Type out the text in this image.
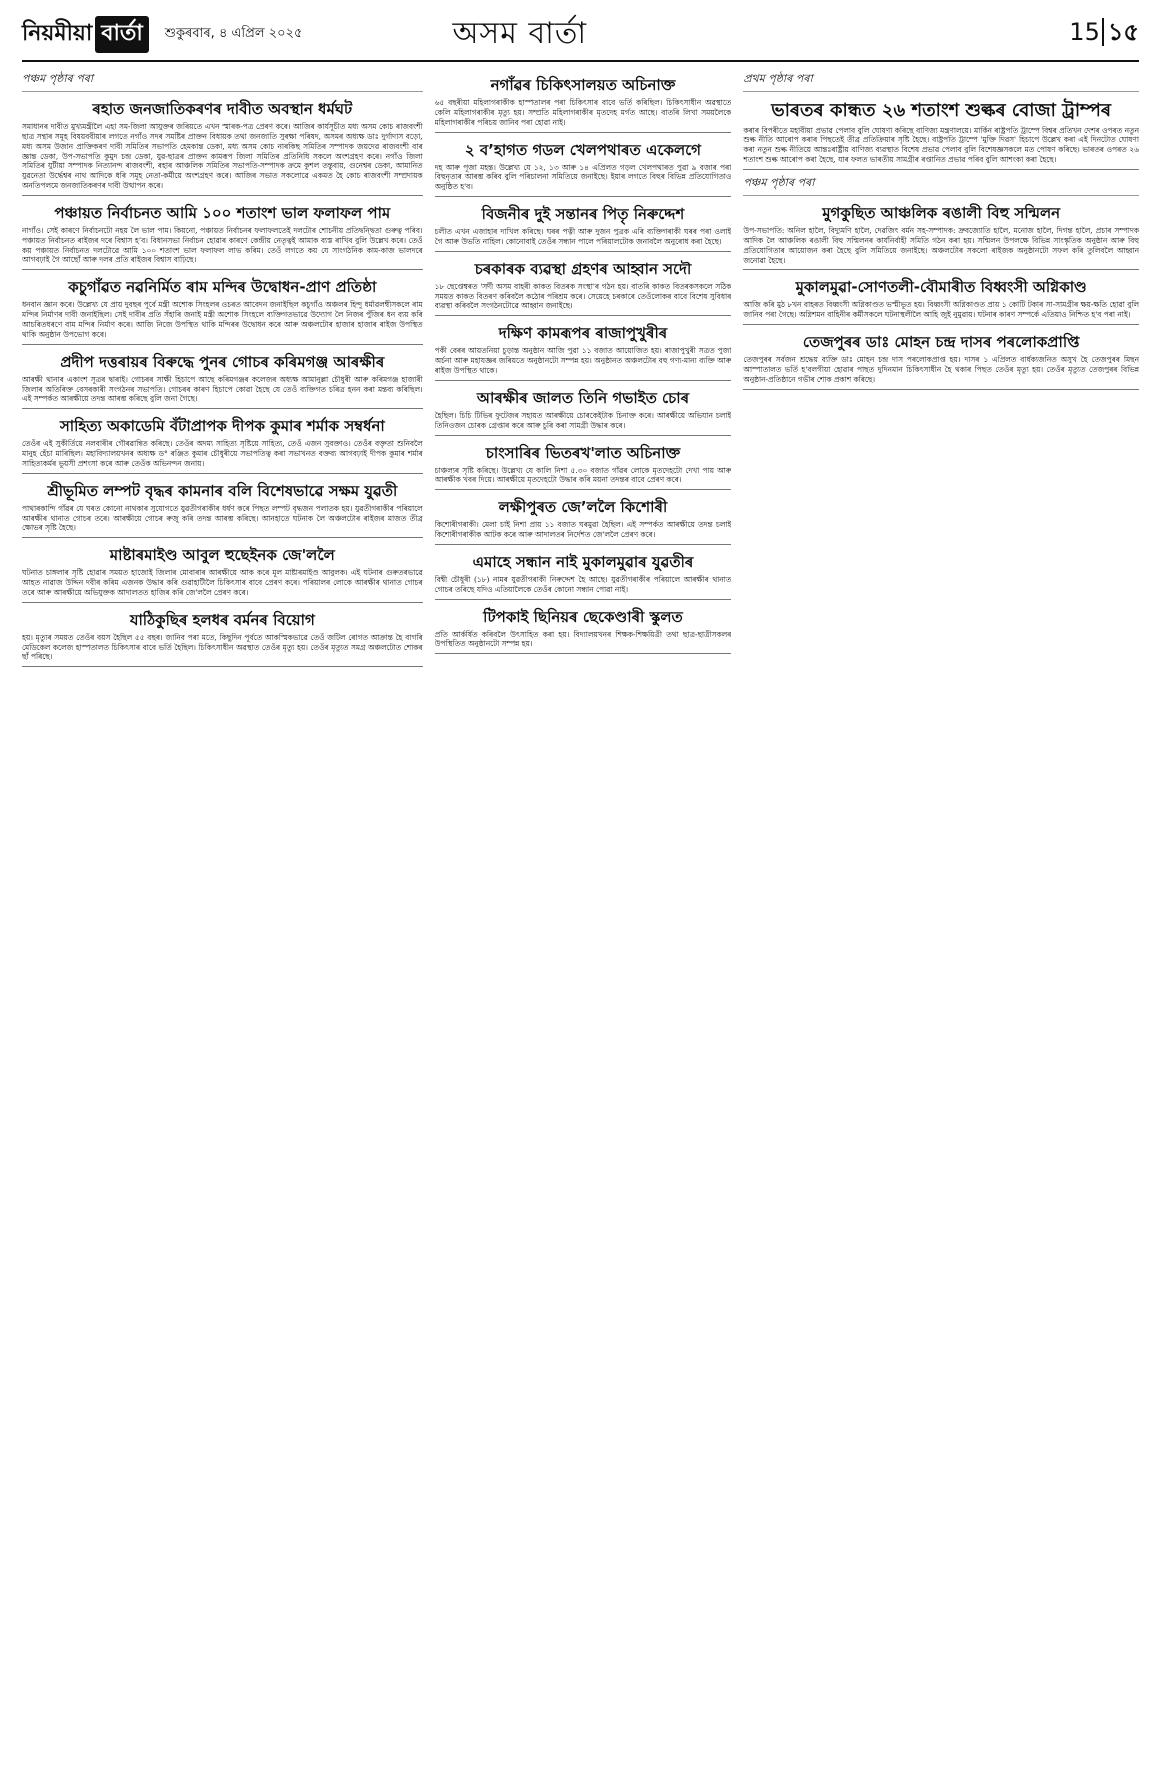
নিয়মীয়া বাৰ্তা	শুকুৰবাৰ, ৪ এপ্ৰিল ২০২৫	অসম বাৰ্তা	15 ১৫
পঞ্চম পৃষ্ঠাৰ পৰা
ৰহাত জনজাতিকৰণৰ দাবীত অবস্থান ধৰ্মঘট
সমাধানৰ দাবীত মুখ্যমন্ত্ৰীলৈ এহা সম-জিলা আযুক্তৰ জৰিয়তে এখন স্মাৰক-পত্ৰ প্ৰেৰণ কৰে। আজিৰ কাৰ্যসূচীত মধ্য অসম কোচ ৰাজবংশী ছাত্ৰ সন্থাৰ সমূহ বিষয়ববীয়াৰ লগতে নগাঁও সদৰ সমষ্টিৰ প্ৰাক্তন বিধায়ক তথা জনজাতি সুৰক্ষা পৰিষদ, অসমৰ অধ্যক্ষ ডাঃ দুৰ্গাদাস বড়ো, মধ্য অসম উজান প্ৰাক্তিকৰণ দাবী সমিতিৰ সভাপতি হেমকান্ত ডেকা, মধ্য অসম কোচ নাৰকিছ সমিতিৰ সম্পাদক জয়দেৱ ৰাজবংশী বাৰ জ্ঞান্ত ডেকা, উপ-সভাপতি কুমুদ চন্দ্ৰ ডেকা, যুৱ-ছাত্ৰৰ প্ৰাক্তন কামৰূপ জিলা সমিতিৰ প্ৰতিনিধি সকলে অংশগ্ৰহণ কৰে। নগাঁও জিলা সমিতিৰ যুটীয়া সম্পাদক নিত্যানন্দ ৰাজবংশী, ৰহাৰ আঞ্চলিক সমিতিৰ সভাপতি-সম্পাদক ক্ৰমে কুশল তন্তুবায়, গুনেশ্বৰ ডেকা, আমানিত যুৱনেতা উৰ্দ্ধেশ্বৰ নাথ আদিকে ধৰি সমূহ নেতা-কৰ্মীয়ে অংশগ্ৰহণ কৰে। আজিৰ সভাত সকলোৱে একমত হৈ কোচ ৰাজবংশী সম্প্ৰদায়ক অনতিপলমে জনজাতিকৰণৰ দাবী উত্থাপন কৰে।
পঞ্চায়ত নিৰ্বাচনত আমি ১০০ শতাংশ ভাল ফলাফল পাম
নাগাঁও। সেই কাৰণে নিৰ্বাচনটো নহয় লৈ ভাল পাম। কিয়নো, পঞ্চায়ত নিৰ্বাচনৰ ফলাফলতেই দলটোৰ শোচনীয় প্ৰতিদ্বন্দ্বিতা গুৰুত্ব পৰিব। পঞ্চায়ত নিৰ্বাচনত ৰাইজৰ দৰে বিশ্বাস হ’ব। বিধানসভা নিৰ্বাচন হোৱাৰ কাৰণে কেন্দ্ৰীয় নেতৃত্বই আমাক ব্যস্ত ৰাখিব বুলি উল্লেখ কৰে। তেওঁ কয় পঞ্চায়ত নিৰ্বাচনত দলটোৱে আমি ১০০ শতাংশ ভাল ফলাফল লাভ কৰিম। তেওঁ লগতে কয় যে সাংগঠনিক কাম-কাজ ভালদৰে আগবঢ়াই গৈ আছোঁ আৰু দলৰ প্ৰতি ৰাইজৰ বিশ্বাস বাঢ়িছে।
কচুগাঁৱত নৱনিৰ্মিত ৰাম মন্দিৰ উদ্বোধন-প্ৰাণ প্ৰতিষ্ঠা
ধনবান জ্ঞান কৰে। উল্লেখ্য যে প্ৰায় দুবছৰ পূৰ্বে মন্ত্ৰী অশোক সিংহলৰ ওচৰত আবেদন জনাইছিল কচুগাঁও অঞ্চলৰ হিন্দু ধৰ্মাৱলম্বীসকলে ৰাম মন্দিৰ নিৰ্মাণৰ দাবী জনাইছিল। সেই দাবীৰ প্ৰতি সঁহাৰি জনাই মন্ত্ৰী অশোক সিংহলে ব্যক্তিগতভাৱে উদ্যোগ লৈ নিজৰ পুঁজিৰ ধন ব্যয় কৰি আচৰিতধৰণে বাম মন্দিৰ নিৰ্মাণ কৰে। আজি নিজে উপস্থিত থাকি মন্দিৰৰ উদ্বোধন কৰে আৰু অঞ্চলটোৰ হাজাৰ হাজাৰ ৰাইজ উপস্থিত থাকি অনুষ্ঠান উপভোগ কৰে।
প্ৰদীপ দত্তৰায়ৰ বিৰুদ্ধে পুনৰ গোচৰ কৰিমগঞ্জ আৰক্ষীৰ
আৰক্ষী থানাৰ একাংশ সূত্ৰৰ দ্বাৰাই। গোচৰৰ সাক্ষী হিচাপে আছে কৰিমগঞ্জৰ কলেজৰ অধ্যক্ষ আমানুল্লা চৌধুৰী আৰু কৰিমগঞ্জ হাজাৰী জিলাৰ অতিৰিক্ত বেসৰকাৰী সংগঠনৰ সভাপতি। গোচৰৰ কাৰণ হিচাপে কোৱা হৈছে যে তেওঁ ব্যক্তিগত চৰিত্ৰ হনন কৰা মন্তব্য কৰিছিল। এই সম্পৰ্কত আৰক্ষীয়ে তদন্ত আৰম্ভ কৰিছে বুলি জনা গৈছে।
সাহিত্য অকাডেমি বঁটাপ্ৰাপক দীপক কুমাৰ শৰ্মাক সম্বৰ্ধনা
তেওঁৰ এই সুকীৰ্তিয়ে নলবাৰীৰ গৌৰৱান্বিত কৰিছে। তেওঁৰ অদম্য সাহিত্য সৃষ্টিয়ে সাহিত্য, তেওঁ এজন সুবক্তাও। তেওঁৰ বক্তৃতা শুনিবলৈ মানুহ হেঁচা মাৰিছিল। মহাবিদ্যালয়খনৰ অধ্যক্ষ ড° ৰঞ্জিত কুমাৰ চৌধুৰীয়ে সভাপতিত্ব কৰা সভাখনত বক্তব্য আগবঢ়াই দীপক কুমাৰ শৰ্মাৰ সাহিত্যকৰ্মৰ ভূয়সী প্ৰশংসা কৰে আৰু তেওঁক অভিনন্দন জনায়।
শ্ৰীভূমিত লম্পট বৃদ্ধৰ কামনাৰ বলি বিশেষভাৱে সক্ষম যুৱতী
পাথাৰকান্দি গাঁৱৰ যে ঘৰত কোনো নাথকাৰ সুযোগতে যুৱতীগৰাকীৰ ধৰ্ষণ কৰে পিছত লম্পট বৃদ্ধজন পলাতক হয়। যুৱতীগৰাকীৰ পৰিয়ালে আৰক্ষীৰ থানাত গোচৰ তৰে। আৰক্ষীয়ে গোচৰ ৰুজু কৰি তদন্ত আৰম্ভ কৰিছে। আনহাতে ঘটনাক লৈ অঞ্চলটোৰ ৰাইজৰ মাজত তীব্ৰ ক্ষোভৰ সৃষ্টি হৈছে।
মাষ্টাৰমাইণ্ড আবুল হুছেইনক জে'ললৈ
ঘটনাত চাঙ্গলাৰ সৃষ্টি হোৱাৰ সময়ত হাজোই জিলাৰ মোবাৰাৰ আৰক্ষীয়ে আক কৰে মূল মাষ্টাৰমাইণ্ড আবুলক। এই ঘটনাৰ গুৰুতৰভাৱে আহত নাৱাজ উদ্দিন দবীৰ কৰিম এজনক উদ্ধাৰ কৰি গুৱাহাটীলৈ চিকিৎসাৰ বাবে প্ৰেৰণ কৰে। পৰিয়ালৰ লোকে আৰক্ষীৰ থানাত গোচৰ তৰে আৰু আৰক্ষীয়ে অভিযুক্তক আদালতত হাজিৰ কৰি জে'ললৈ প্ৰেৰণ কৰে।
যাঠিকুছিৰ হলধৰ বৰ্মনৰ বিয়োগ
হয়। মৃত্যুৰ সময়ত তেওঁৰ বয়স হৈছিল ৫৫ বছৰ। জানিব পৰা মতে, কিছুদিন পূৰ্বতে আকস্মিকভাৱে তেওঁ জটিল ৰোগত আক্ৰান্ত হৈ বাগৰি মেডিকেল কলেজ হাস্পতালত চিকিৎসাৰ বাবে ভৰ্তি হৈছিল। চিকিৎসাধীন অৱস্থাত তেওঁৰ মৃত্যু হয়। তেওঁৰ মৃত্যুত সমগ্ৰ অঞ্চলটোত শোকৰ ছাঁ পৰিছে।
নগাঁৱৰ চিকিৎসালয়ত অচিনাক্ত
৬৫ বছৰীয়া মহিলাগৰাকীক হাস্পতালৰ পৰা চিকিৎসাৰ বাবে ভৰ্তি কৰিছিল। চিকিৎসাধীন অৱস্থাতে কেলি মহিলাগৰাকীৰ মৃত্যু হয়। সম্প্ৰতি মহিলাগৰাকীৰ মৃতদেহ মৰ্গত আছে। বাতৰি লিখা সময়লৈকে মহিলাগৰাকীৰ পৰিচয় জানিব পৰা হোৱা নাই।
২ ব’হাগত গডল খেলপথাৰত একেলগে
দহ আৰু পূজা মহন্ত। উল্লেখ্য যে ১২, ১৩ আৰু ১৪ এপ্ৰিলত গড়ল খেলপথাৰত পুৱা ৯ বজাৰ পৰা বিহুনৃত্যৰ আৰম্ভ কৰিব বুলি পৰিচালনা সমিতিয়ে জনাইছে। ইয়াৰ লগতে বিহুৰ বিভিন্ন প্ৰতিযোগিতাও অনুষ্ঠিত হ'ব।
বিজনীৰ দুই সন্তানৰ পিতৃ নিৰুদ্দেশ
চলীত এখন এজাহাৰ দাখিল কৰিছে। ঘৰৰ পত্নী আৰু দুজন পুত্ৰক এৰি ব্যক্তিগৰাকী ঘৰৰ পৰা ওলাই গৈ আৰু উভতি নাহিল। কোনোবাই তেওঁৰ সন্ধান পালে পৰিয়ালটোক জনাবলৈ অনুৰোধ কৰা হৈছে।
চৰকাৰক ব্যৱস্থা গ্ৰহণৰ আহ্বান সদৌ
১৮ ছেপ্তেম্বৰত 'সৰ্দী অসম বাহৰী কাকত বিতৰক সংস্থা'ৰ গঠন হয়। বাতৰি কাকত বিতৰকসকলে সঠিক সময়ত কাকত বিতৰণ কৰিবলৈ কঠোৰ পৰিশ্ৰম কৰে। সেয়েহে চৰকাৰে তেওঁলোকৰ বাবে বিশেষ সুবিধাৰ ব্যৱস্থা কৰিবলৈ সংগঠনটোৱে আহ্বান জনাইছে।
দক্ষিণ কামৰূপৰ ৰাজাপুখুৰীৰ
পকী বেৰৰ আয়তনিয়া চুড়ান্ত অনুষ্ঠান আজি পুৱা ১১ বজাত আয়োজিত হয়। ৰাজাপুখুৰী সত্ৰত পুজা অৰ্চনা আৰু মহাযজ্ঞৰ জৰিয়তে অনুষ্ঠানটো সম্পন্ন হয়। অনুষ্ঠানত অঞ্চলটোৰ বহু গণ্য-মান্য ব্যক্তি আৰু ৰাইজ উপস্থিত থাকে।
আৰক্ষীৰ জালত তিনি গভাইত চোৰ
হৈছিল। চিচি টিভিৰ ফুটেজৰ সহায়ত আৰক্ষীয়ে চোৰকেইটাক চিনাক্ত কৰে। আৰক্ষীয়ে অভিযান চলাই তিনিওজন চোৰক গ্ৰেপ্তাৰ কৰে আৰু চুৰি কৰা সামগ্ৰী উদ্ধাৰ কৰে।
চাংসাৰিৰ ভিতৰখ'লাত অচিনাক্ত
চাঞ্চল্যৰ সৃষ্টি কৰিছে। উল্লেখ্য যে কালি নিশা ৫.৩০ বজাত গাঁৱৰ লোকে মৃতদেহটো দেখা পায় আৰু আৰক্ষীক খবৰ দিয়ে। আৰক্ষীয়ে মৃতদেহটো উদ্ধাৰ কৰি ময়না তদন্তৰ বাবে প্ৰেৰণ কৰে।
লক্ষীপুৰত জে’ললৈ কিশোৰী
কিশোৰীগৰাকী। মেলা চাই নিশা প্ৰায় ১১ বজাত ঘৰমুৱা হৈছিল। এই সম্পৰ্কত আৰক্ষীয়ে তদন্ত চলাই কিশোৰীগৰাকীক আটক কৰে আৰু আদালতৰ নিৰ্দেশত জে'ললৈ প্ৰেৰণ কৰে।
এমাহে সন্ধান নাই মুকালমুৱাৰ যুৱতীৰ
বিশ্বী চৌধুৰী (১৮) নামৰ যুৱতীগৰাকী নিৰুদ্দেশ হৈ আছে। যুৱতীগৰাকীৰ পৰিয়ালে আৰক্ষীৰ থানাত গোচৰ তৰিছে যদিও এতিয়ালৈকে তেওঁৰ কোনো সন্ধান পোৱা নাই।
টিপকাই ছিনিয়ৰ ছেকেণ্ডাৰী স্কুলত
প্ৰতি আৰ্কৰ্ষিত কৰিবলৈ উৎসাহিত কৰা হয়। বিদ্যালয়খনৰ শিক্ষক-শিক্ষয়িত্ৰী তথা ছাত্ৰ-ছাত্ৰীসকলৰ উপস্থিতিত অনুষ্ঠানটো সম্পন্ন হয়।
প্ৰথম পৃষ্ঠাৰ পৰা
ভাৰতৰ কান্ধত ২৬ শতাংশ শুল্কৰ বোজা ট্ৰাম্পৰ
কৰাৰ বিপৰীতে মহাবীয়া প্ৰভাৱ পেলাব বুলি ঘোষণা কৰিছে বাণিজ্য মন্ত্ৰণালয়ে। মাৰ্কিন ৰাষ্ট্ৰপতি ট্ৰাম্পে বিশ্বৰ প্ৰতিখন দেশৰ ওপৰত নতুন শুল্ক নীতি আৰোপ কৰাৰ পিছতেই তীব্ৰ প্ৰতিক্ৰিয়াৰ সৃষ্টি হৈছে। বাষ্ট্ৰপতি ট্ৰাম্পে 'মুক্তি দিৱস' হিচাপে উল্লেখ কৰা এই দিনটোত ঘোষণা কৰা নতুন শুল্ক নীতিয়ে আন্তঃৰাষ্ট্ৰীয় বাণিজ্য ব্যৱস্থাত বিশেষ প্ৰভাৱ পেলাব বুলি বিশেষজ্ঞসকলে মত পোষণ কৰিছে। ভাৰতৰ ওপৰত ২৬ শতাংশ শুল্ক আৰোপ কৰা হৈছে, যাৰ ফলত ভাৰতীয় সামগ্ৰীৰ ৰপ্তানিত প্ৰভাৱ পৰিব বুলি আশংকা কৰা হৈছে।
পঞ্চম পৃষ্ঠাৰ পৰা
মুগকুছিত আঞ্চলিক ৰঙালী বিহু সন্মিলন
উপ-সভাপতি: অনিল হালৈ, বিদ্যুমণি হালৈ, দেৱজিৎ বৰ্মন সহ-সম্পাদক: দ্ৰুবজ্যোতি হালৈ, মনোজ হালৈ, দিগন্ত হালৈ, প্ৰচাৰ সম্পাদক আদিক লৈ আঞ্চলিক ৰঙালী বিহু সন্মিলনৰ কাৰ্যনিৰ্বাহী সমিতি গঠন কৰা হয়। সন্মিলন উপলক্ষে বিভিন্ন সাংস্কৃতিক অনুষ্ঠান আৰু বিহু প্ৰতিযোগিতাৰ আয়োজন কৰা হৈছে বুলি সমিতিয়ে জনাইছে। অঞ্চলটোৰ সকলো ৰাইজক অনুষ্ঠানটো সফল কৰি তুলিবলৈ আহ্বান জনোৱা হৈছে।
মুকালমুৱা-সোণতলী-বৌমাৰীত বিধ্বংসী অগ্নিকাণ্ড
আজি কৰি মুঠ ৮খন বাহৰত বিধ্বংসী অগ্নিকাণ্ডত ভস্মীভূত হয়। বিধ্বংসী অগ্নিকাণ্ডত প্ৰায় ১ কোটি টকাৰ সা-সামগ্ৰীৰ ক্ষয়-ক্ষতি হোৱা বুলি জানিব পৰা গৈছে। অগ্নিশমন বাহিনীৰ কৰ্মীসকলে ঘটনাস্থলীলৈ আহি জুই নুমুৱায়। ঘটনাৰ কাৰণ সম্পৰ্কে এতিয়াও নিশ্চিত হ'ব পৰা নাই।
তেজপুৰৰ ডাঃ মোহন চন্দ্ৰ দাসৰ পৰলোকপ্ৰাপ্তি
তেজপুৰৰ সৰ্বজন শ্ৰদ্ধেয় ব্যক্তি ডাঃ মোহন চন্দ্ৰ দাস পৰলোকপ্ৰাপ্ত হয়। দাসৰ ১ এপ্ৰিলত বাৰ্ধক্যজনিত অসুখ হৈ তেজপুৰৰ মিছন আস্পাতালত ভৰ্তি হ'বলগীয়া হোৱাৰ পাছত দুদিনমান চিকিৎসাধীন হৈ থকাৰ পিছত তেওঁৰ মৃত্যু হয়। তেওঁৰ মৃত্যুত তেজপুৰৰ বিভিন্ন অনুষ্ঠান-প্ৰতিষ্ঠানে গভীৰ শোক প্ৰকাশ কৰিছে।
